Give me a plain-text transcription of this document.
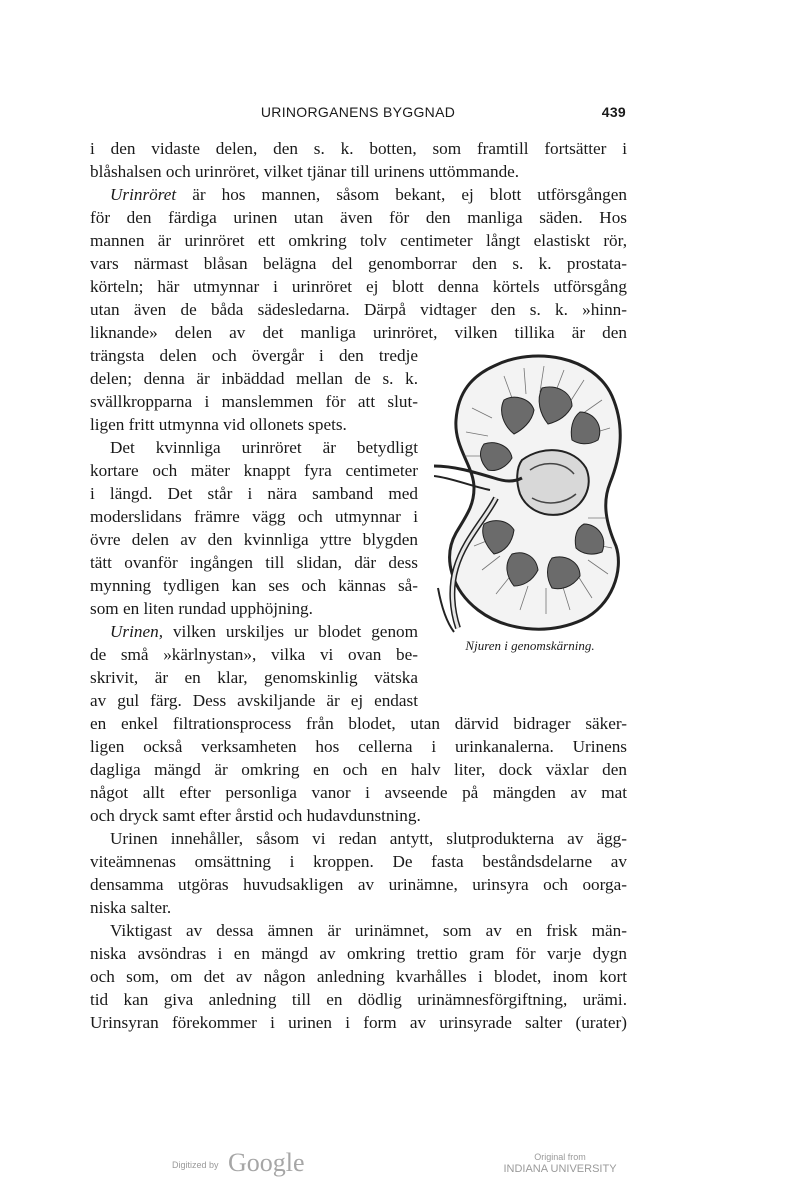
URINORGANENS BYGGNAD	439
i den vidaste delen, den s. k. botten, som framtill fortsätter i
blåshalsen och urinröret, vilket tjänar till urinens uttömmande.
Urinröret är hos mannen, såsom bekant, ej blott utförsgången
för den färdiga urinen utan även för den manliga säden. Hos
mannen är urinröret ett omkring tolv centimeter långt elastiskt rör,
vars närmast blåsan belägna del genomborrar den s. k. prostata-
körteln; här utmynnar i urinröret ej blott denna körtels utförsgång
utan även de båda sädesledarna. Därpå vidtager den s. k. »hinn-
liknande» delen av det manliga urinröret, vilken tillika är den
trängsta delen och övergår i den tredje
delen; denna är inbäddad mellan de s. k.
svällkropparna i manslemmen för att slut-
ligen fritt utmynna vid ollonets spets.
Det kvinnliga urinröret är betydligt
kortare och mäter knappt fyra centimeter
i längd. Det står i nära samband med
moderslidans främre vägg och utmynnar i
övre delen av den kvinnliga yttre blygden
tätt ovanför ingången till slidan, där dess
mynning tydligen kan ses och kännas så-
som en liten rundad upphöjning.
Urinen, vilken urskiljes ur blodet genom
de små »kärlnystan», vilka vi ovan be-
skrivit, är en klar, genomskinlig vätska
av gul färg. Dess avskiljande är ej endast
en enkel filtrationsprocess från blodet, utan därvid bidrager säker-
ligen också verksamheten hos cellerna i urinkanalerna. Urinens
dagliga mängd är omkring en och en halv liter, dock växlar den
något allt efter personliga vanor i avseende på mängden av mat
och dryck samt efter årstid och hudavdunstning.
Urinen innehåller, såsom vi redan antytt, slutprodukterna av ägg-
viteämnenas omsättning i kroppen. De fasta beståndsdelarne av
densamma utgöras huvudsakligen av urinämne, urinsyra och oorga-
niska salter.
Viktigast av dessa ämnen är urinämnet, som av en frisk män-
niska avsöndras i en mängd av omkring trettio gram för varje dygn
och som, om det av någon anledning kvarhålles i blodet, inom kort
tid kan giva anledning till en dödlig urinämnesförgiftning, urämi.
Urinsyran förekommer i urinen i form av urinsyrade salter (urater)
Njuren i genomskärning.
Digitized by Google	Original from
INDIANA UNIVERSITY
